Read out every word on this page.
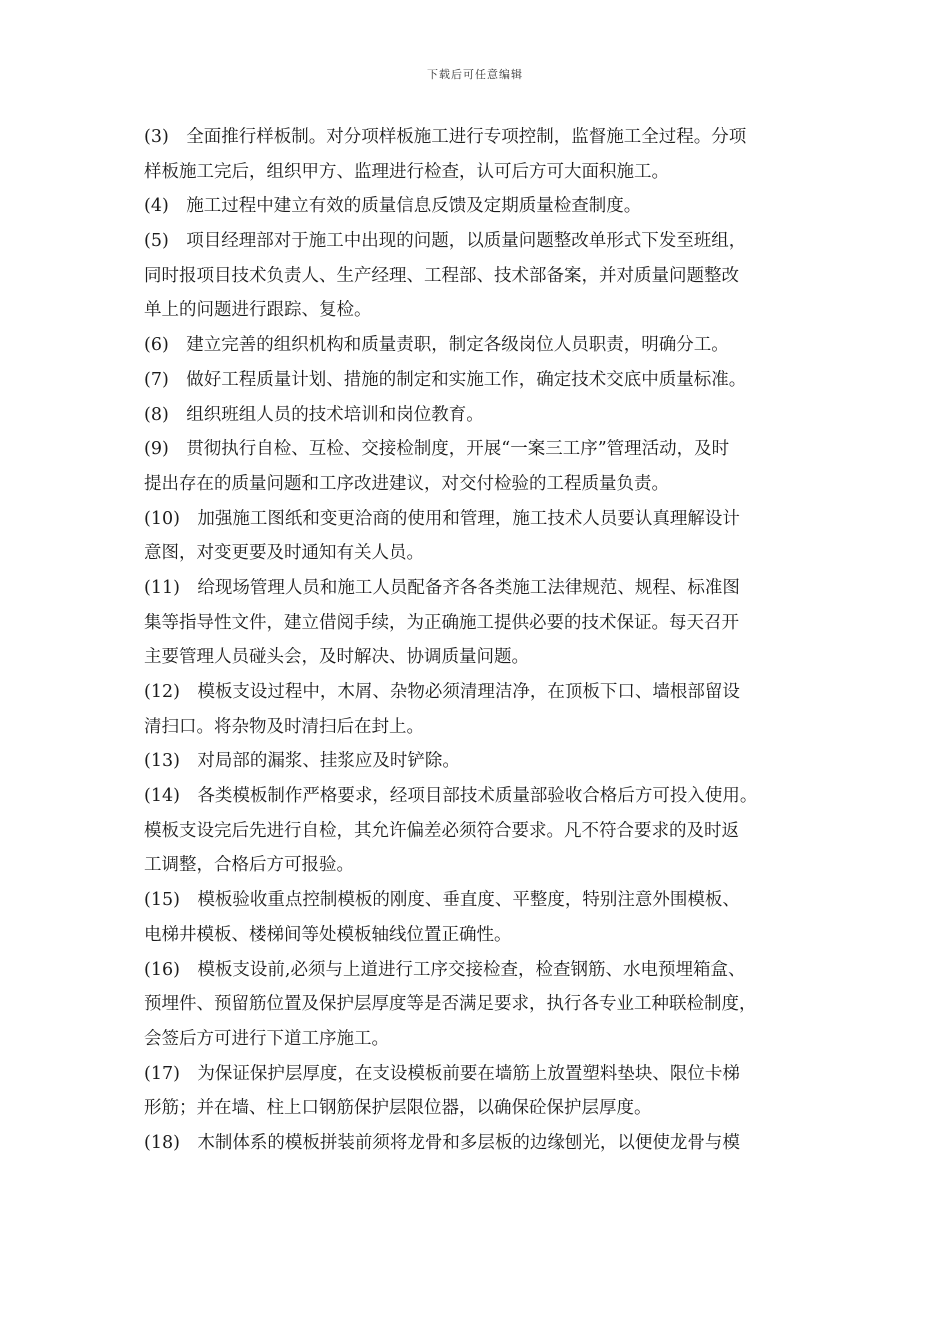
下载后可任意编辑
(3)　全面推行样板制。对分项样板施工进行专项控制，监督施工全过程。分项
样板施工完后，组织甲方、监理进行检查，认可后方可大面积施工。
(4)　施工过程中建立有效的质量信息反馈及定期质量检查制度。
(5)　项目经理部对于施工中出现的问题，以质量问题整改单形式下发至班组，
同时报项目技术负责人、生产经理、工程部、技术部备案，并对质量问题整改
单上的问题进行跟踪、复检。
(6)　建立完善的组织机构和质量责职，制定各级岗位人员职责，明确分工。
(7)　做好工程质量计划、措施的制定和实施工作，确定技术交底中质量标准。
(8)　组织班组人员的技术培训和岗位教育。
(9)　贯彻执行自检、互检、交接检制度，开展“一案三工序”管理活动，及时
提出存在的质量问题和工序改进建议，对交付检验的工程质量负责。
(10)　加强施工图纸和变更洽商的使用和管理，施工技术人员要认真理解设计
意图，对变更要及时通知有关人员。
(11)　给现场管理人员和施工人员配备齐各各类施工法律规范、规程、标准图
集等指导性文件，建立借阅手续，为正确施工提供必要的技术保证。每天召开
主要管理人员碰头会，及时解决、协调质量问题。
(12)　模板支设过程中，木屑、杂物必须清理洁净，在顶板下口、墙根部留设
清扫口。将杂物及时清扫后在封上。
(13)　对局部的漏浆、挂浆应及时铲除。
(14)　各类模板制作严格要求，经项目部技术质量部验收合格后方可投入使用。
模板支设完后先进行自检，其允许偏差必须符合要求。凡不符合要求的及时返
工调整，合格后方可报验。
(15)　模板验收重点控制模板的刚度、垂直度、平整度，特别注意外围模板、
电梯井模板、楼梯间等处模板轴线位置正确性。
(16)　模板支设前,必须与上道进行工序交接检查，检查钢筋、水电预埋箱盒、
预埋件、预留筋位置及保护层厚度等是否满足要求，执行各专业工种联检制度，
会签后方可进行下道工序施工。
(17)　为保证保护层厚度，在支设模板前要在墙筋上放置塑料垫块、限位卡梯
形筋；并在墙、柱上口钢筋保护层限位器，以确保砼保护层厚度。
(18)　木制体系的模板拼装前须将龙骨和多层板的边缘刨光，以便使龙骨与模
